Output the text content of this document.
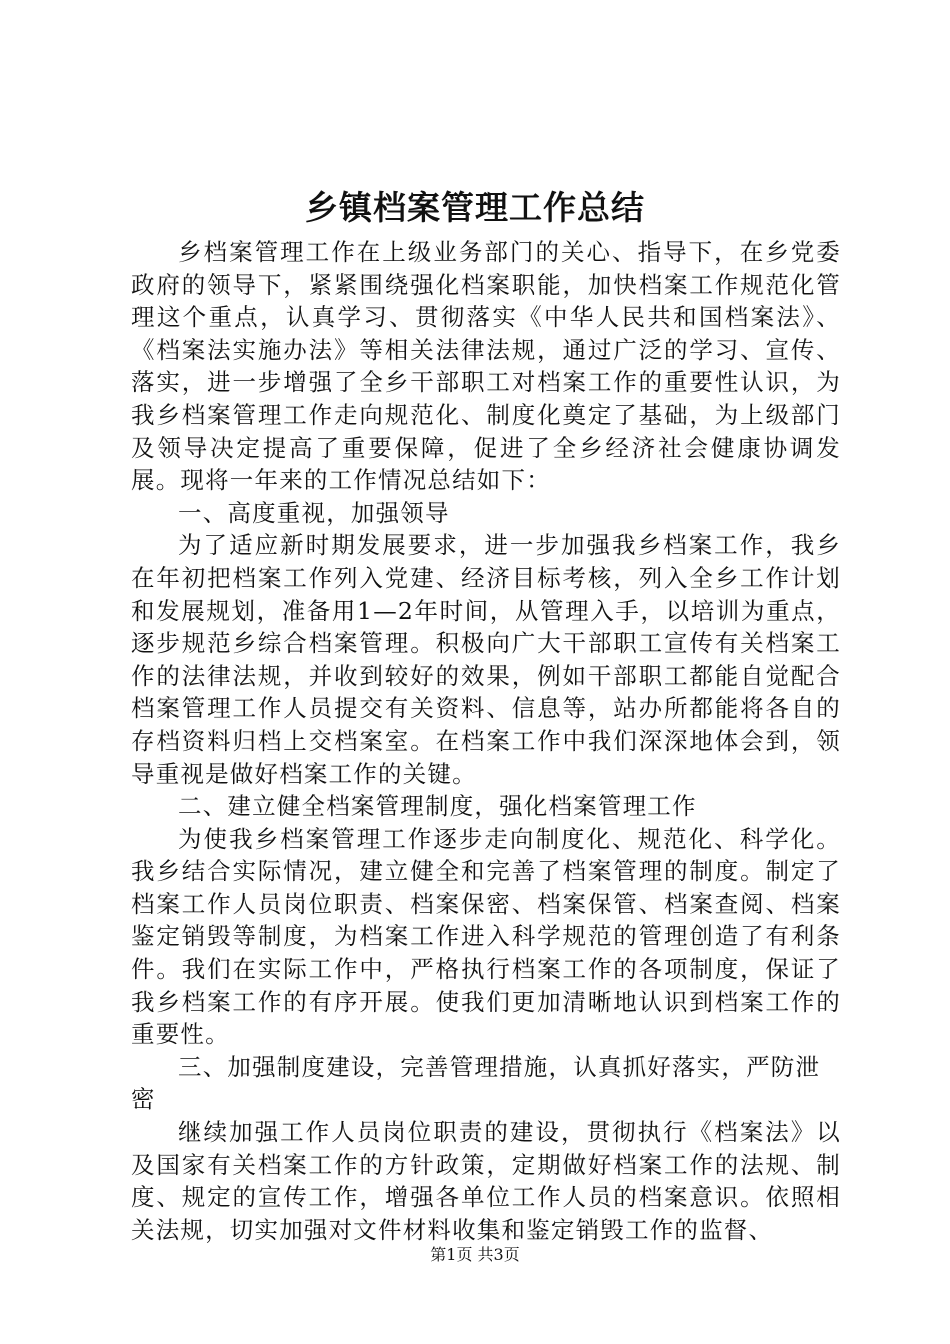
乡镇档案管理工作总结

乡档案管理工作在上级业务部门的关心、指导下，在乡党委政府的领导下，紧紧围绕强化档案职能，加快档案工作规范化管理这个重点，认真学习、贯彻落实《中华人民共和国档案法》、《档案法实施办法》等相关法律法规，通过广泛的学习、宣传、落实，进一步增强了全乡干部职工对档案工作的重要性认识，为我乡档案管理工作走向规范化、制度化奠定了基础，为上级部门及领导决定提高了重要保障，促进了全乡经济社会健康协调发展。现将一年来的工作情况总结如下：

一、高度重视，加强领导

为了适应新时期发展要求，进一步加强我乡档案工作，我乡在年初把档案工作列入党建、经济目标考核，列入全乡工作计划和发展规划，准备用1—2年时间，从管理入手，以培训为重点，逐步规范乡综合档案管理。积极向广大干部职工宣传有关档案工作的法律法规，并收到较好的效果，例如干部职工都能自觉配合档案管理工作人员提交有关资料、信息等，站办所都能将各自的存档资料归档上交档案室。在档案工作中我们深深地体会到，领导重视是做好档案工作的关键。

二、建立健全档案管理制度，强化档案管理工作

为使我乡档案管理工作逐步走向制度化、规范化、科学化。我乡结合实际情况，建立健全和完善了档案管理的制度。制定了档案工作人员岗位职责、档案保密、档案保管、档案查阅、档案鉴定销毁等制度，为档案工作进入科学规范的管理创造了有利条件。我们在实际工作中，严格执行档案工作的各项制度，保证了我乡档案工作的有序开展。使我们更加清晰地认识到档案工作的重要性。

三、加强制度建设，完善管理措施，认真抓好落实，严防泄密

继续加强工作人员岗位职责的建设，贯彻执行《档案法》以及国家有关档案工作的方针政策，定期做好档案工作的法规、制度、规定的宣传工作，增强各单位工作人员的档案意识。依照相关法规，切实加强对文件材料收集和鉴定销毁工作的监督、

第1页 共3页
